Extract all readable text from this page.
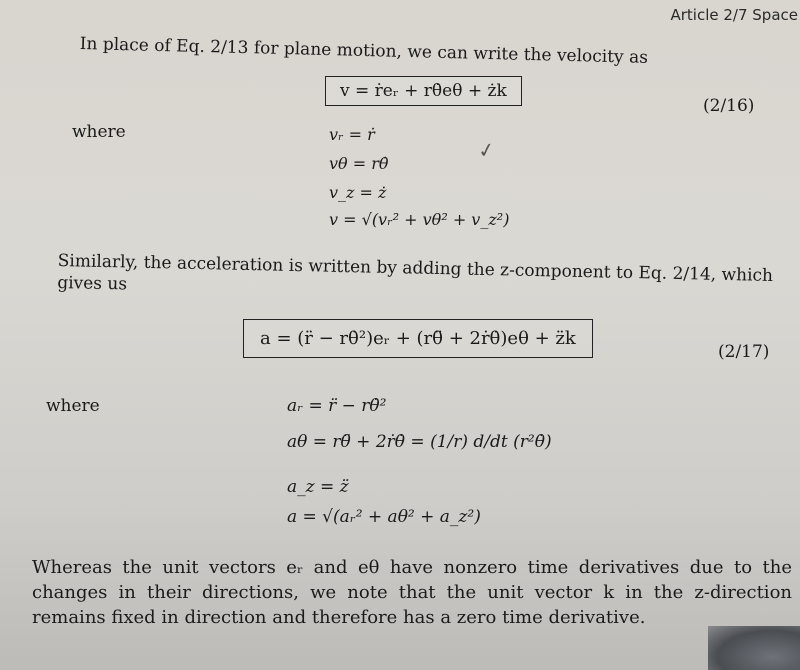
Article 2/7 Space
In place of Eq. 2/13 for plane motion, we can write the velocity as
v = ṙeᵣ + rθ̇eθ + żk
(2/16)
where	vᵣ = ṙ
vθ = rθ̇
v_z = ż
v = √(vᵣ² + vθ² + v_z²)
✓
Similarly, the acceleration is written by adding the z-component to Eq. 2/14, which gives us
a = (r̈ − rθ̇²)eᵣ + (rθ̈ + 2ṙθ̇)eθ + z̈k
(2/17)
where	aᵣ = r̈ − rθ̇²
aθ = rθ̈ + 2ṙθ̇ = (1/r) d/dt (r²θ̇)
a_z = z̈
a = √(aᵣ² + aθ² + a_z²)
Whereas the unit vectors eᵣ and eθ have nonzero time derivatives due to the changes in their directions, we note that the unit vector k in the z-direction remains fixed in direction and therefore has a zero time derivative.
